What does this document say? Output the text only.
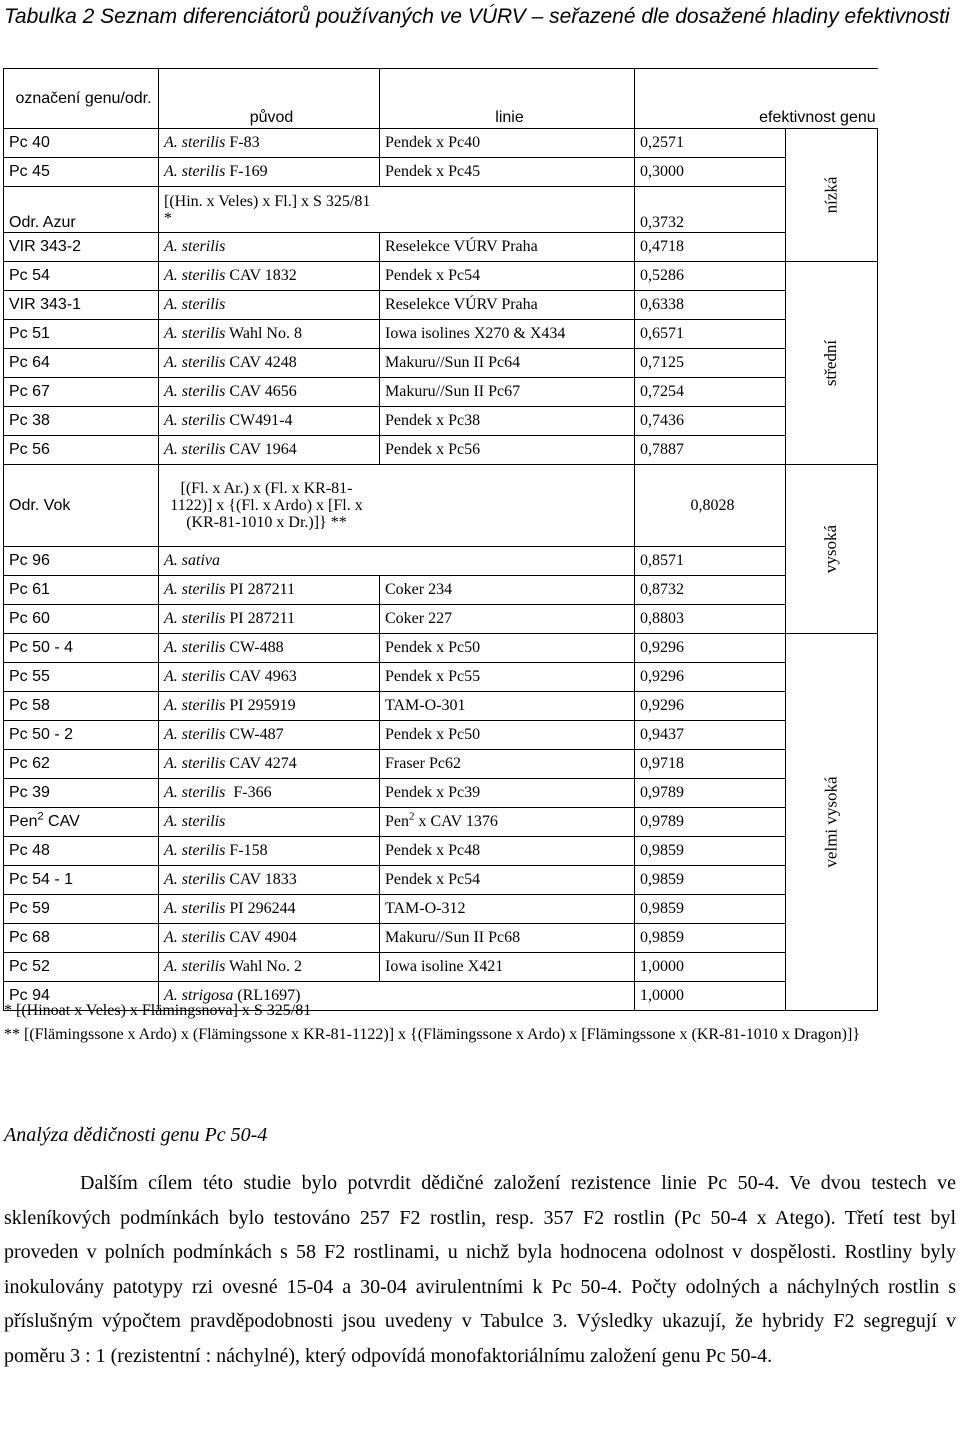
Tabulka 2 Seznam diferenciátorů používaných ve VÚRV – seřazené dle dosažené hladiny efektivnosti
označení genu/odr.	původ	linie	efektivnost genu	
Pc 40	A. sterilis F-83	Pendek x Pc40	0,2571	nízká
Pc 45	A. sterilis F-169	Pendek x Pc45	0,3000	
Odr. Azur	[(Hin. x Veles) x Fl.] x S 325/81 *		0,3732	
VIR 343-2	A. sterilis	Reselekce VÚRV Praha	0,4718	
Pc 54	A. sterilis CAV 1832	Pendek x Pc54	0,5286	střední
VIR 343-1	A. sterilis	Reselekce VÚRV Praha	0,6338	
Pc 51	A. sterilis Wahl No. 8	Iowa isolines X270 & X434	0,6571	
Pc 64	A. sterilis CAV 4248	Makuru//Sun II Pc64	0,7125	
Pc 67	A. sterilis CAV 4656	Makuru//Sun II Pc67	0,7254	
Pc 38	A. sterilis CW491-4	Pendek x Pc38	0,7436	
Pc 56	A. sterilis CAV 1964	Pendek x Pc56	0,7887	
Odr. Vok	[(Fl. x Ar.) x (Fl. x KR-81-1122)] x {(Fl. x Ardo) x [Fl. x (KR-81-1010 x Dr.)]} **		0,8028	vysoká
Pc 96	A. sativa		0,8571	
Pc 61	A. sterilis PI 287211	Coker 234	0,8732	
Pc 60	A. sterilis PI 287211	Coker 227	0,8803	
Pc 50 - 4	A. sterilis CW-488	Pendek x Pc50	0,9296	velmi vysoká
Pc 55	A. sterilis CAV 4963	Pendek x Pc55	0,9296	
Pc 58	A. sterilis PI 295919	TAM-O-301	0,9296	
Pc 50 - 2	A. sterilis CW-487	Pendek x Pc50	0,9437	
Pc 62	A. sterilis CAV 4274	Fraser Pc62	0,9718	
Pc 39	A. sterilis  F-366	Pendek x Pc39	0,9789	
Pen$^2$ CAV	A. sterilis	Pen$^2$ x CAV 1376	0,9789	
Pc 48	A. sterilis F-158	Pendek x Pc48	0,9859	
Pc 54 - 1	A. sterilis CAV 1833	Pendek x Pc54	0,9859	
Pc 59	A. sterilis PI 296244	TAM-O-312	0,9859	
Pc 68	A. sterilis CAV 4904	Makuru//Sun II Pc68	0,9859	
Pc 52	A. sterilis Wahl No. 2	Iowa isoline X421	1,0000	
Pc 94	A. strigosa (RL1697)		1,0000	
* [(Hinoat x Veles) x Flämingsnova] x S 325/81
** [(Flämingssone x Ardo) x (Flämingssone x KR-81-1122)] x {(Flämingssone x Ardo) x [Flämingssone x (KR-81-1010 x Dragon)]}
Analýza dědičnosti genu Pc 50-4

Dalším cílem této studie bylo potvrdit dědičné založení rezistence linie Pc 50-4. Ve dvou testech ve skleníkových podmínkách bylo testováno 257 F2 rostlin, resp. 357 F2 rostlin (Pc 50-4 x Atego). Třetí test byl proveden v polních podmínkách s 58 F2 rostlinami, u nichž byla hodnocena odolnost v dospělosti. Rostliny byly inokulovány patotypy rzi ovesné 15-04 a 30-04 avirulentními k Pc 50-4. Počty odolných a náchylných rostlin s příslušným výpočtem pravděpodobnosti jsou uvedeny v Tabulce 3. Výsledky ukazují, že hybridy F2 segregují v poměru 3 : 1 (rezistentní : náchylné), který odpovídá monofaktoriálnímu založení genu Pc 50-4.
